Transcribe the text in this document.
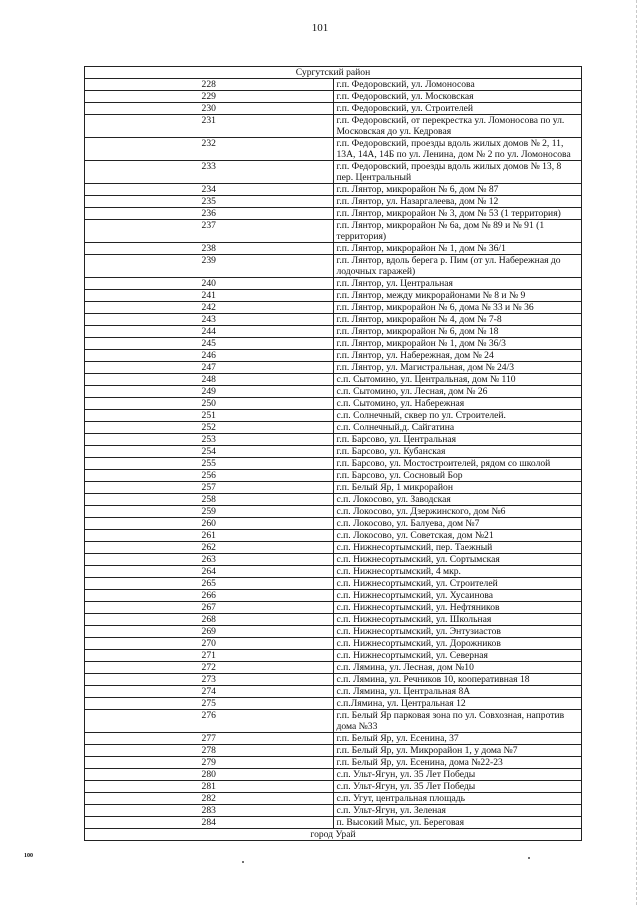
101
Сургутский район	
228	г.п. Федоровский, ул. Ломоносова
229	г.п. Федоровский, ул. Московская
230	г.п. Федоровский, ул. Строителей
231	г.п. Федоровский, от перекрестка ул. Ломоносова по ул. Московская до ул. Кедровая
232	г.п. Федоровский, проезды вдоль жилых домов № 2, 11, 13А, 14А, 14Б по ул. Ленина, дом № 2 по ул. Ломоносова
233	г.п. Федоровский, проезды вдоль жилых домов № 13, 8 пер. Центральный
234	г.п. Лянтор, микрорайон № 6, дом № 87
235	г.п. Лянтор, ул. Назаргалеева, дом № 12
236	г.п. Лянтор, микрорайон № 3, дом № 53 (1 территория)
237	г.п. Лянтор, микрорайон № 6а, дом № 89 и № 91 (1 территория)
238	г.п. Лянтор, микрорайон № 1, дом № 36/1
239	г.п. Лянтор, вдоль берега р. Пим (от ул. Набережная до лодочных гаражей)
240	г.п. Лянтор, ул. Центральная
241	г.п. Лянтор, между микрорайонами № 8 и № 9
242	г.п. Лянтор, микрорайон № 6, дома № 33 и № 36
243	г.п. Лянтор, микрорайон № 4, дом № 7-8
244	г.п. Лянтор, микрорайон № 6, дом № 18
245	г.п. Лянтор, микрорайон № 1, дом № 36/3
246	г.п. Лянтор, ул. Набережная, дом № 24
247	г.п. Лянтор, ул. Магистральная, дом № 24/3
248	с.п. Сытомино, ул. Центральная, дом № 110
249	с.п. Сытомино, ул. Лесная, дом № 26
250	с.п. Сытомино, ул. Набережная
251	с.п. Солнечный, сквер по ул. Строителей.
252	с.п. Солнечный,д. Сайгатина
253	г.п. Барсово, ул. Центральная
254	г.п. Барсово, ул. Кубанская
255	г.п. Барсово, ул. Мостостроителей, рядом со школой
256	г.п. Барсово, ул. Сосновый Бор
257	г.п. Белый Яр, 1 микрорайон
258	с.п. Локосово, ул. Заводская
259	с.п. Локосово, ул. Дзержинского, дом №6
260	с.п. Локосово, ул. Балуева, дом №7
261	с.п. Локосово, ул. Советская, дом №21
262	с.п. Нижнесортымский, пер. Таежный
263	с.п. Нижнесортымский, ул. Сортымская
264	с.п. Нижнесортымский, 4 мкр.
265	с.п. Нижнесортымский, ул. Строителей
266	с.п. Нижнесортымский, ул. Хусаинова
267	с.п. Нижнесортымский, ул. Нефтяников
268	с.п. Нижнесортымский, ул. Школьная
269	с.п. Нижнесортымский, ул. Энтузиастов
270	с.п. Нижнесортымский, ул. Дорожников
271	с.п. Нижнесортымский, ул. Северная
272	с.п. Лямина, ул. Лесная, дом №10
273	с.п. Лямина, ул. Речников 10, кооперативная 18
274	с.п. Лямина, ул. Центральная 8А
275	с.п.Лямина, ул. Центральная 12
276	г.п. Белый Яр парковая зона по ул. Совхозная, напротив дома №33
277	г.п. Белый Яр, ул. Есенина, 37
278	г.п. Белый Яр, ул. Микрорайон 1, у дома №7
279	г.п. Белый Яр, ул. Есенина, дома №22-23
280	с.п. Ульт-Ягун, ул. 35 Лет Победы
281	с.п. Ульт-Ягун, ул. 35 Лет Победы
282	с.п. Угут, центральная площадь
283	с.п. Ульт-Ягун, ул. Зеленая
284	п. Высокий Мыс, ул. Береговая
город Урай	
100
